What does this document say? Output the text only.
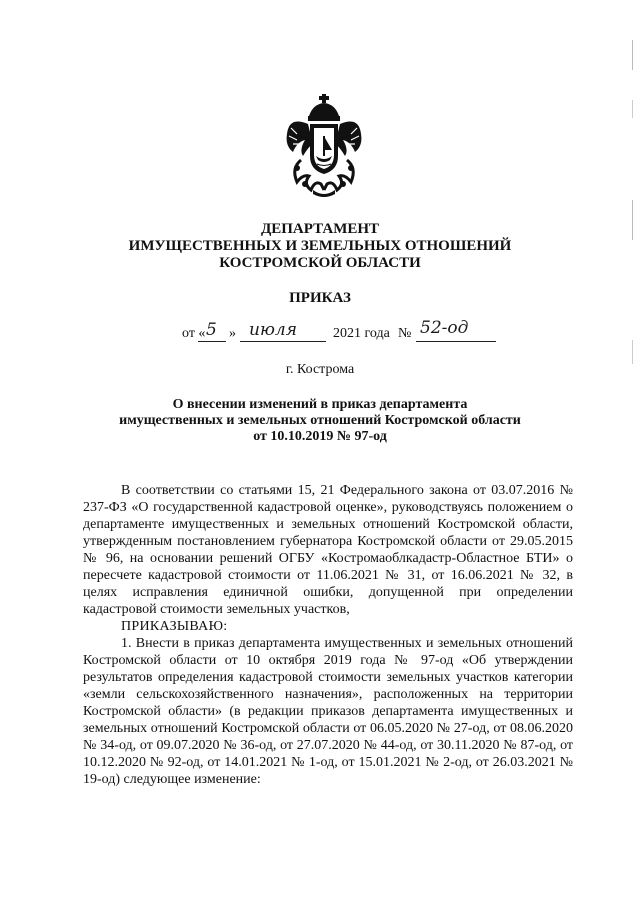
ДЕПАРТАМЕНТ
ИМУЩЕСТВЕННЫХ И ЗЕМЕЛЬНЫХ ОТНОШЕНИЙ
КОСТРОМСКОЙ ОБЛАСТИ
ПРИКАЗ
от « 5 » июля	2021 года № 52-од
г. Кострома
О внесении изменений в приказ департамента
имущественных и земельных отношений Костромской области
от 10.10.2019 № 97-од

В соответствии со статьями 15, 21 Федерального закона от 03.07.2016 № 237-ФЗ «О государственной кадастровой оценке», руководствуясь положением о департаменте имущественных и земельных отношений Костромской области, утвержденным постановлением губернатора Костромской области от 29.05.2015 № 96, на основании решений ОГБУ «Костромаоблкадастр-Областное БТИ» о пересчете кадастровой стоимости от 11.06.2021 № 31, от 16.06.2021 № 32, в целях исправления единичной ошибки, допущенной при определении кадастровой стоимости земельных участков,

ПРИКАЗЫВАЮ:

1. Внести в приказ департамента имущественных и земельных отношений Костромской области от 10 октября 2019 года № 97-од «Об утверждении результатов определения кадастровой стоимости земельных участков категории «земли сельскохозяйственного назначения», расположенных на территории Костромской области» (в редакции приказов департамента имущественных и земельных отношений Костромской области от 06.05.2020 № 27-од, от 08.06.2020 № 34-од, от 09.07.2020 № 36-од, от 27.07.2020 № 44-од, от 30.11.2020 № 87-од, от 10.12.2020 № 92-од, от 14.01.2021 № 1-од, от 15.01.2021 № 2-од, от 26.03.2021 № 19-од) следующее изменение:
